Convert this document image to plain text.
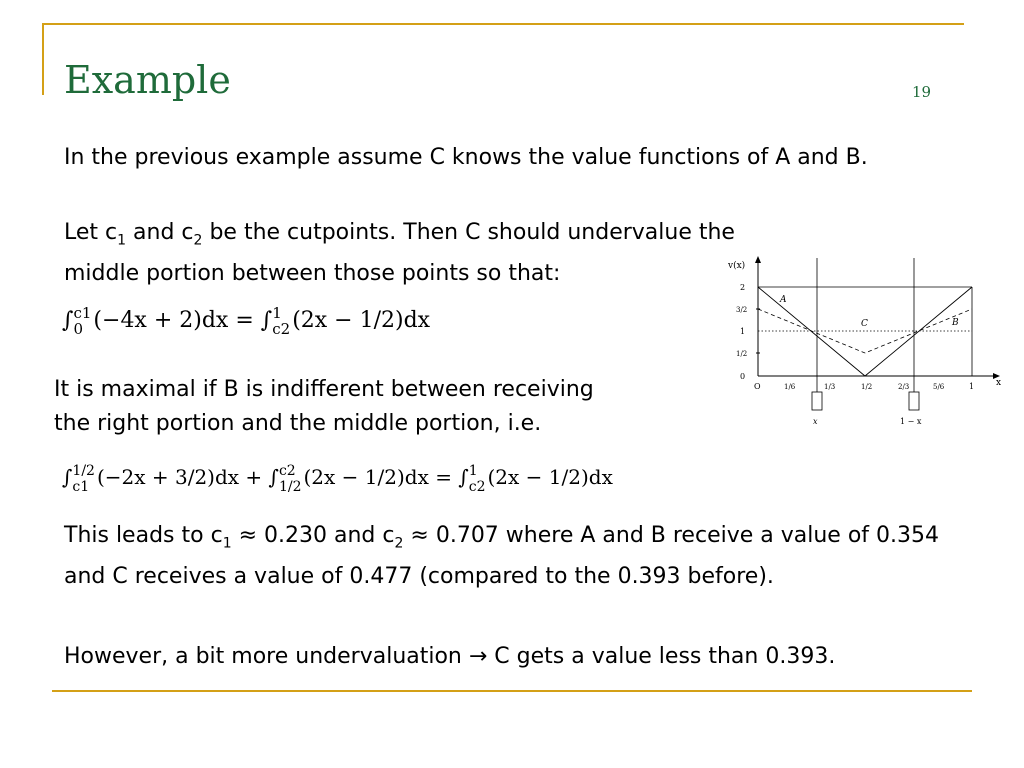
Example	19
In the previous example assume C knows the value functions of A and B.
Let $c_1$ and $c_2$ be the cutpoints. Then C should undervalue the
middle portion between those points so that:
∫ c1
0 (−4x + 2)dx = ∫ 1
c2 (2x − 1/2)dx
It is maximal if B is indifferent between receiving
the right portion and the middle portion, i.e.
∫ 1/2
c1 (−2x + 3/2)dx + ∫ c2
1/2 (2x − 1/2)dx = ∫ 1
c2 (2x − 1/2)dx
This leads to $c_1 \approx 0.230$ and $c_2 \approx 0.707$ where A and B receive a value of 0.354 and C receives a value of 0.477 (compared to the 0.393 before).
However, a bit more undervaluation → C gets a value less than 0.393.
v(x)
x
0
1/2
1
3/2
2
O	1/6	1/3	1/2	2/3	5/6	1
A
B
C
x	1 − x
